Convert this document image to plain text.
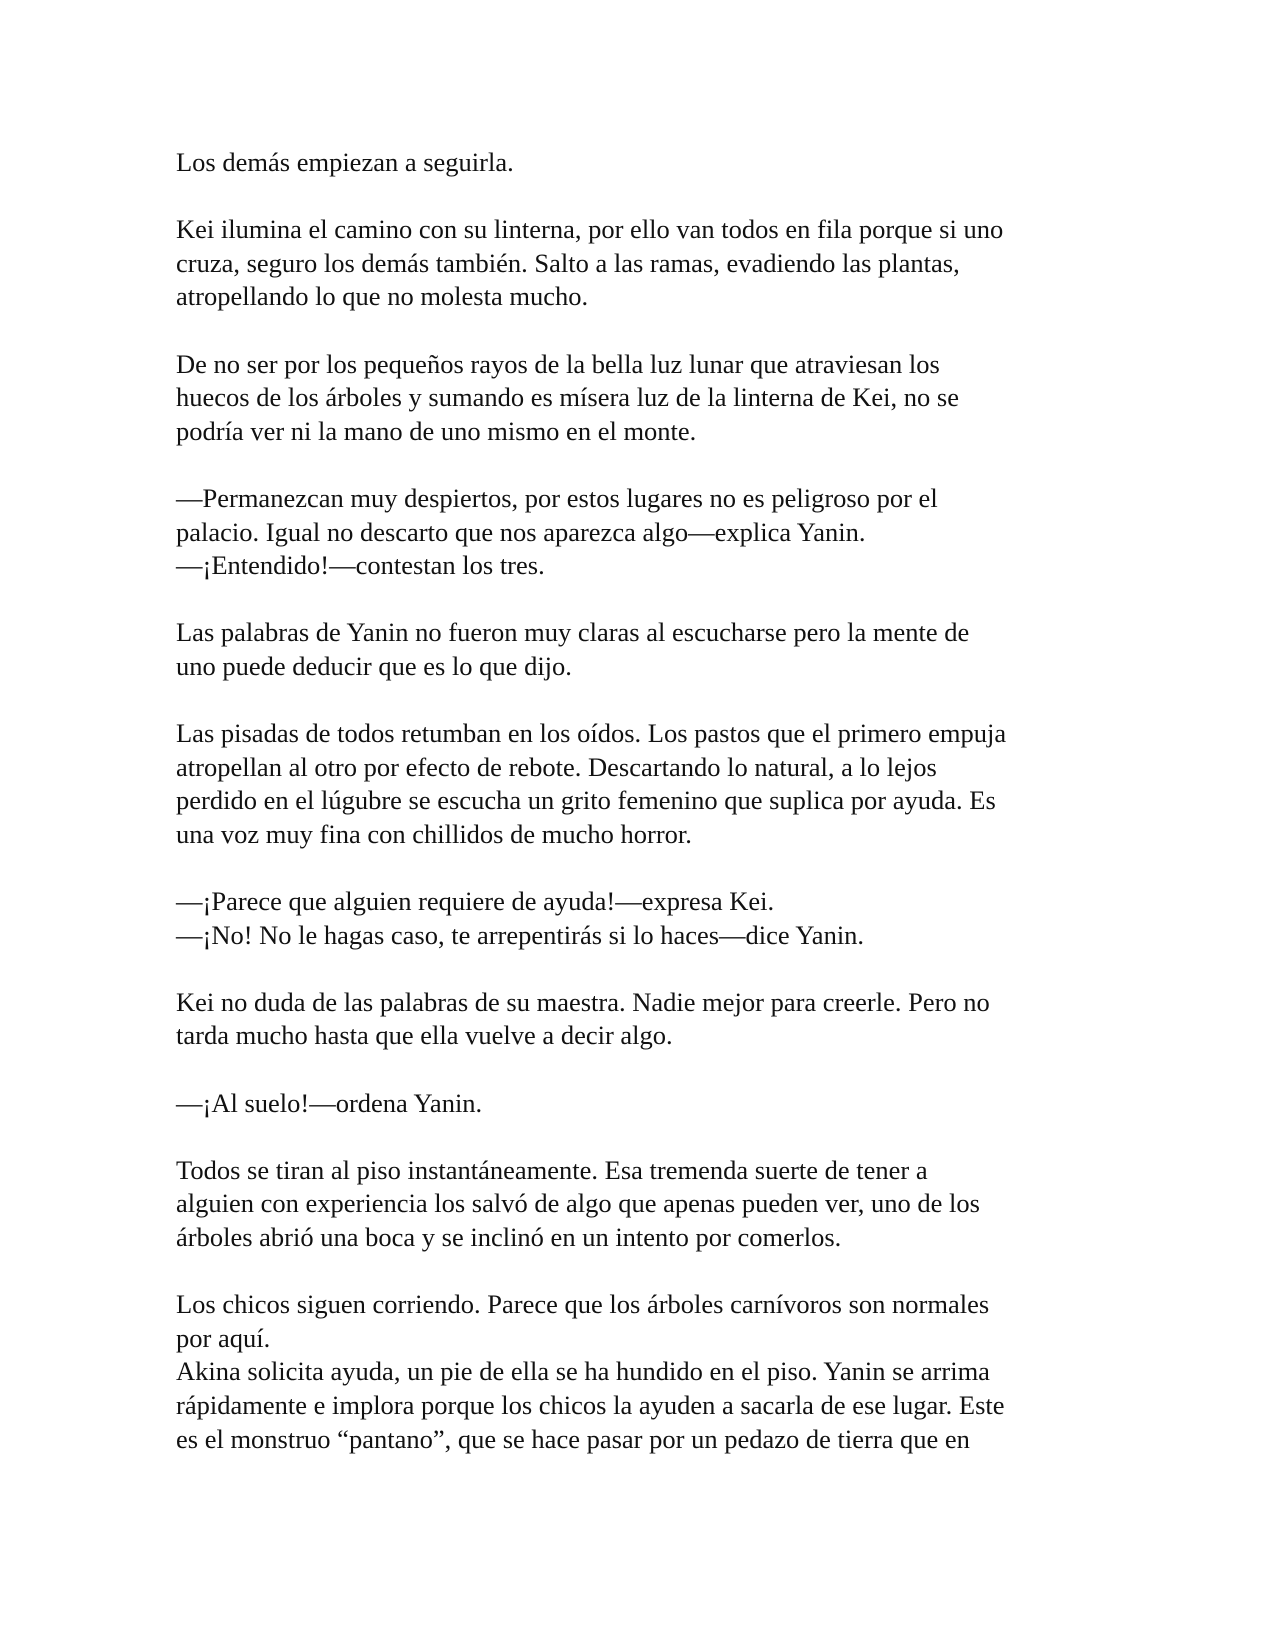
Los demás empiezan a seguirla.

Kei ilumina el camino con su linterna, por ello van todos en fila porque si uno
cruza, seguro los demás también. Salto a las ramas, evadiendo las plantas,
atropellando lo que no molesta mucho.

De no ser por los pequeños rayos de la bella luz lunar que atraviesan los
huecos de los árboles y sumando es mísera luz de la linterna de Kei, no se
podría ver ni la mano de uno mismo en el monte.

—Permanezcan muy despiertos, por estos lugares no es peligroso por el
palacio. Igual no descarto que nos aparezca algo—explica Yanin.
—¡Entendido!—contestan los tres.

Las palabras de Yanin no fueron muy claras al escucharse pero la mente de
uno puede deducir que es lo que dijo.

Las pisadas de todos retumban en los oídos. Los pastos que el primero empuja
atropellan al otro por efecto de rebote. Descartando lo natural, a lo lejos
perdido en el lúgubre se escucha un grito femenino que suplica por ayuda. Es
una voz muy fina con chillidos de mucho horror.

—¡Parece que alguien requiere de ayuda!—expresa Kei.
—¡No! No le hagas caso, te arrepentirás si lo haces—dice Yanin.

Kei no duda de las palabras de su maestra. Nadie mejor para creerle. Pero no
tarda mucho hasta que ella vuelve a decir algo.

—¡Al suelo!—ordena Yanin.

Todos se tiran al piso instantáneamente. Esa tremenda suerte de tener a
alguien con experiencia los salvó de algo que apenas pueden ver, uno de los
árboles abrió una boca y se inclinó en un intento por comerlos.

Los chicos siguen corriendo. Parece que los árboles carnívoros son normales
por aquí.

Akina solicita ayuda, un pie de ella se ha hundido en el piso. Yanin se arrima
rápidamente e implora porque los chicos la ayuden a sacarla de ese lugar. Este
es el monstruo “pantano”, que se hace pasar por un pedazo de tierra que en
